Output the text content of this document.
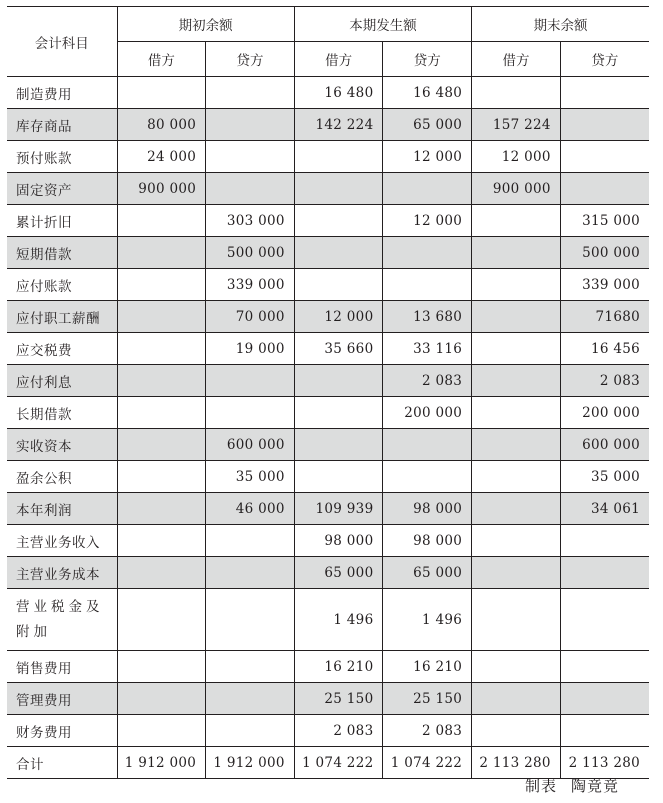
会计科目	期初余额		本期发生额		期末余额	
	借方	贷方	借方	贷方	借方	贷方
制造费用			16 480	16 480		
库存商品	80 000		142 224	65 000	157 224	
预付账款	24 000			12 000	12 000	
固定资产	900 000				900 000	
累计折旧		303 000		12 000		315 000
短期借款		500 000				500 000
应付账款		339 000				339 000
应付职工薪酬		70 000	12 000	13 680		71680
应交税费		19 000	35 660	33 116		16 456
应付利息				2 083		2 083
长期借款				200 000		200 000
实收资本		600 000				600 000
盈余公积		35 000				35 000
本年利润		46 000	109 939	98 000		34 061
主营业务收入			98 000	98 000		
主营业务成本			65 000	65 000		
营业税金及附加			1 496	1 496		
销售费用			16 210	16 210		
管理费用			25 150	25 150		
财务费用			2 083	2 083		
合计	1 912 000	1 912 000	1 074 222	1 074 222	2 113 280	2 113 280
制表 陶竟竟
